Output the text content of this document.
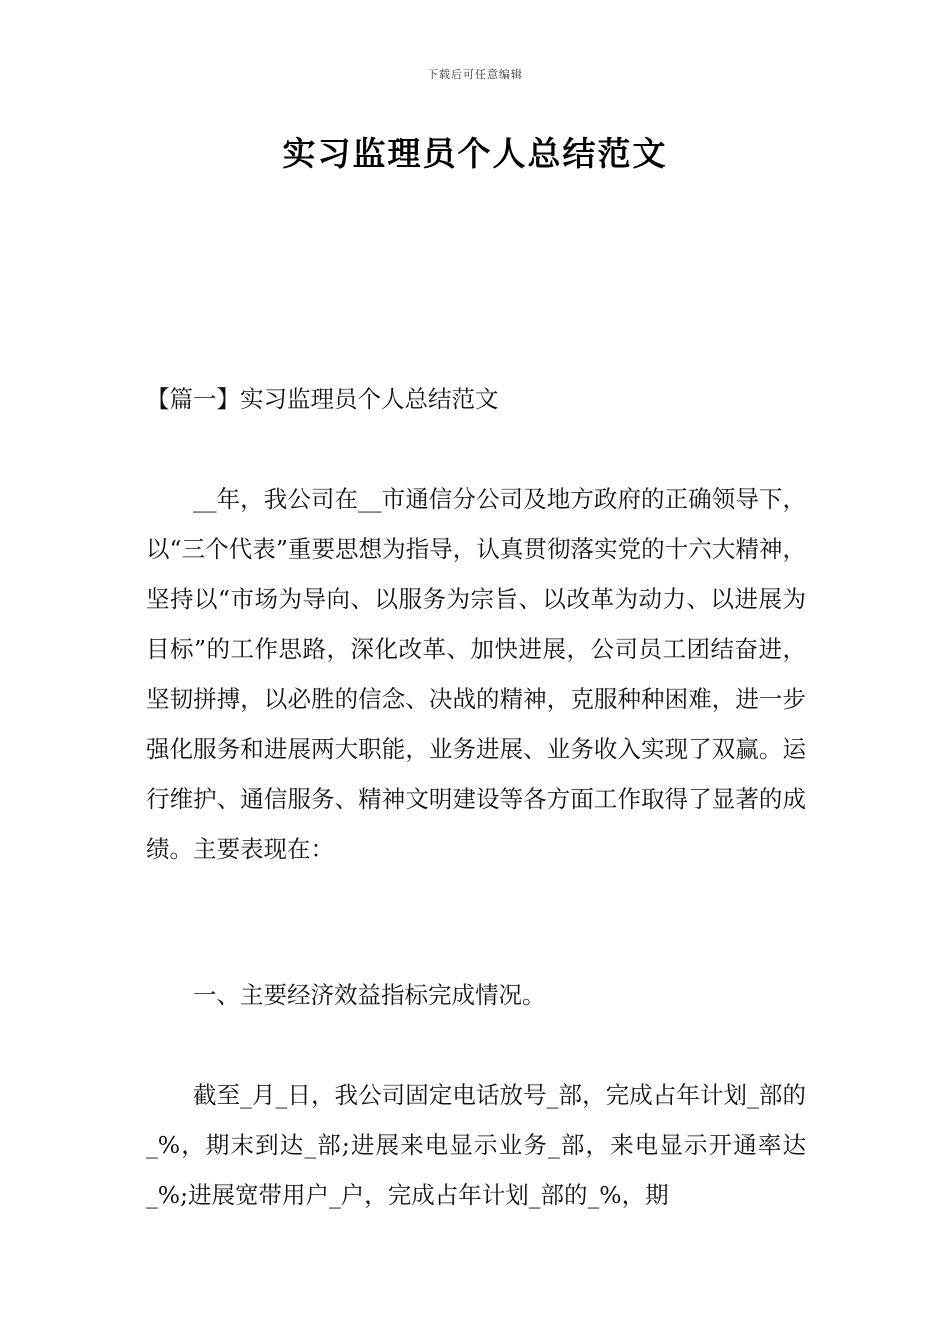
下载后可任意编辑
实习监理员个人总结范文
【篇一】实习监理员个人总结范文

__年，我公司在__市通信分公司及地方政府的正确领导下，以“三个代表”重要思想为指导，认真贯彻落实党的十六大精神，坚持以“市场为导向、以服务为宗旨、以改革为动力、以进展为目标”的工作思路，深化改革、加快进展，公司员工团结奋进，坚韧拼搏，以必胜的信念、决战的精神，克服种种困难，进一步强化服务和进展两大职能，业务进展、业务收入实现了双赢。运行维护、通信服务、精神文明建设等各方面工作取得了显著的成绩。主要表现在：

一、主要经济效益指标完成情况。

截至_月_日，我公司固定电话放号_部，完成占年计划_部的_%，期末到达_部;进展来电显示业务_部，来电显示开通率达_%;进展宽带用户_户，完成占年计划_部的_%，期
